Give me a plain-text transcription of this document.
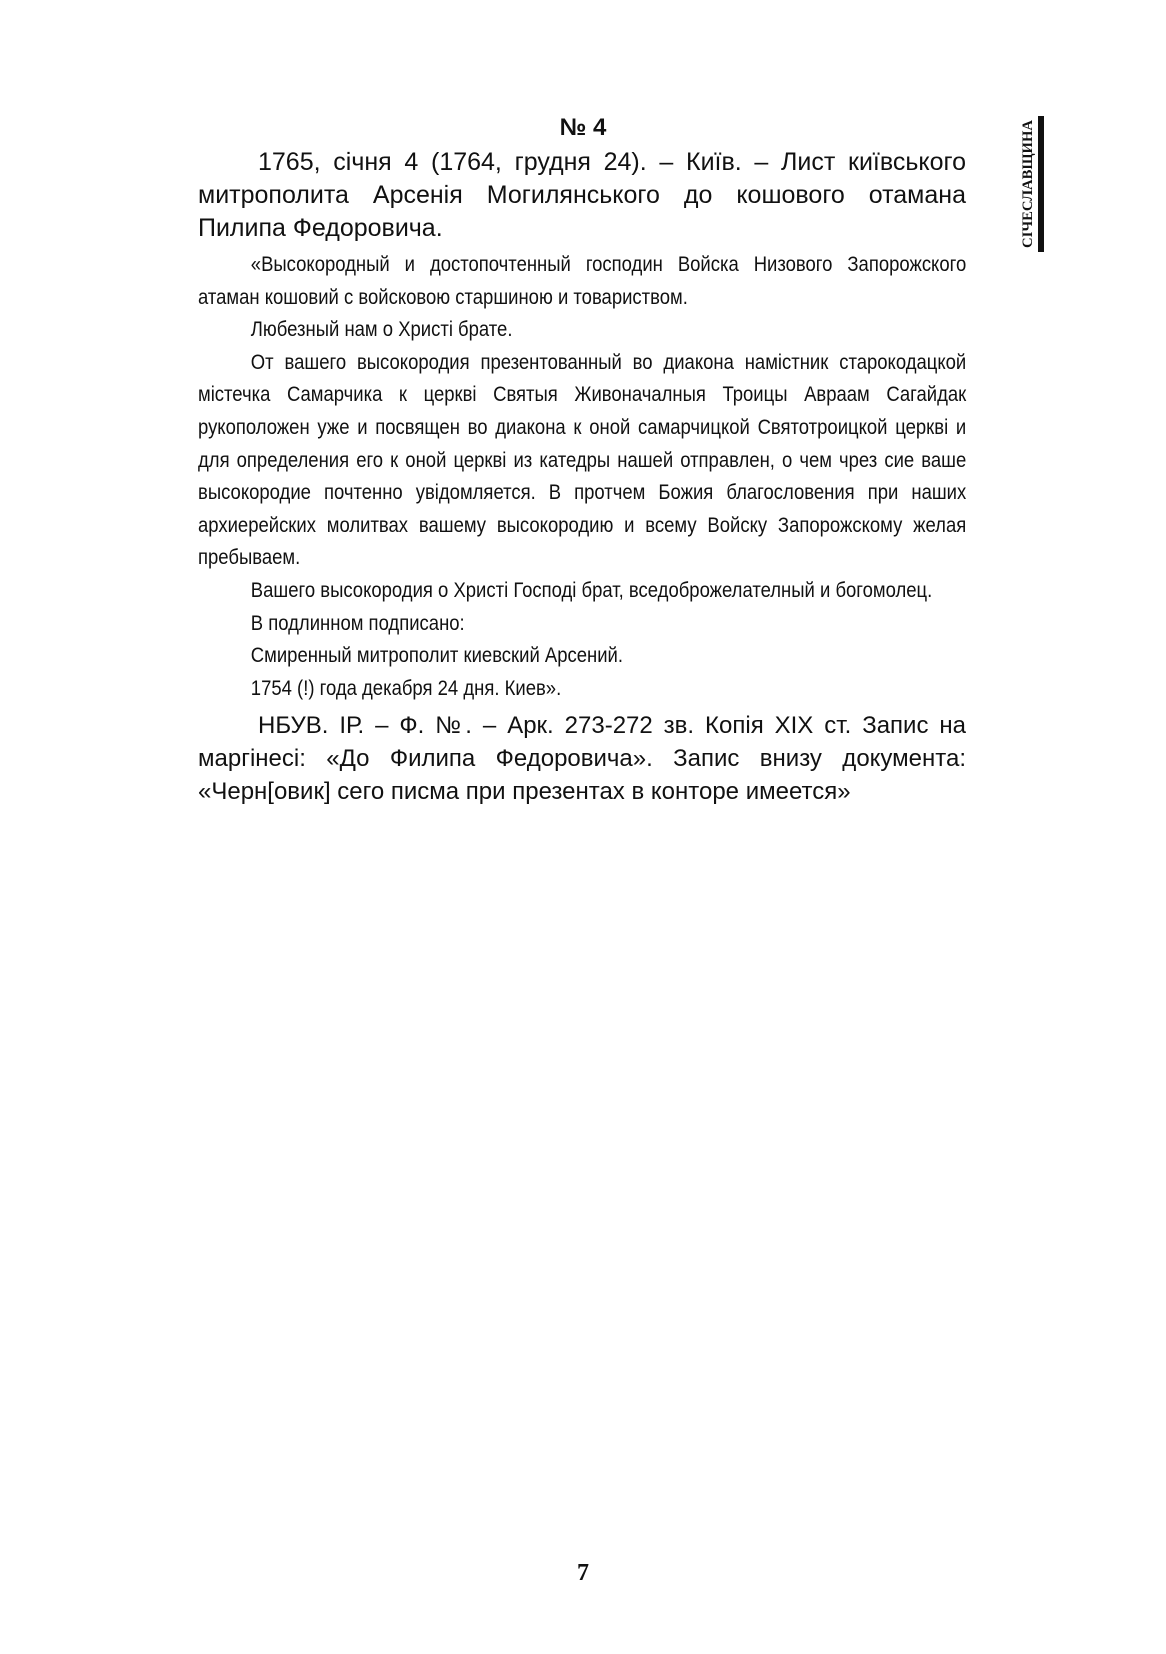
№ 4

1765, січня 4 (1764, грудня 24). – Київ. – Лист київського митрополита Арсенія Могилянського до кошового отамана Пилипа Федоровича.

«Высокородный и достопочтенный господин Войска Низового Запорожского атаман кошовий с войсковою старшиною и товариством.

Любезный нам о Христі брате.

От вашего высокородия презентованный во диакона намістник старокодацкой містечка Самарчика к церкві Святыя Живоначалныя Троицы Авраам Сагайдак рукоположен уже и посвящен во диакона к оной самарчицкой Святотроицкой церкві и для определения его к оной церкві из катедры нашей отправлен, о чем чрез сие ваше высокородие почтенно увідомляется. В протчем Божия благословения при наших архиерейских молитвах вашему высокородию и всему Войску Запорожскому желая пребываем.

Вашего высокородия о Христі Господі брат, вседоброжелателный и богомолец.

В подлинном подписано:

Смиренный митрополит киевский Арсений.

1754 (!) года декабря 24 дня. Киев».

НБУВ. ІР. – Ф. №. – Арк. 273-272 зв. Копія ХІХ ст. Запис на маргінесі: «До Филипа Федоровича». Запис внизу документа: «Черн[овик] сего писма при презентах в конторе имеется»

СІЧЕСЛАВЩИНА
7
